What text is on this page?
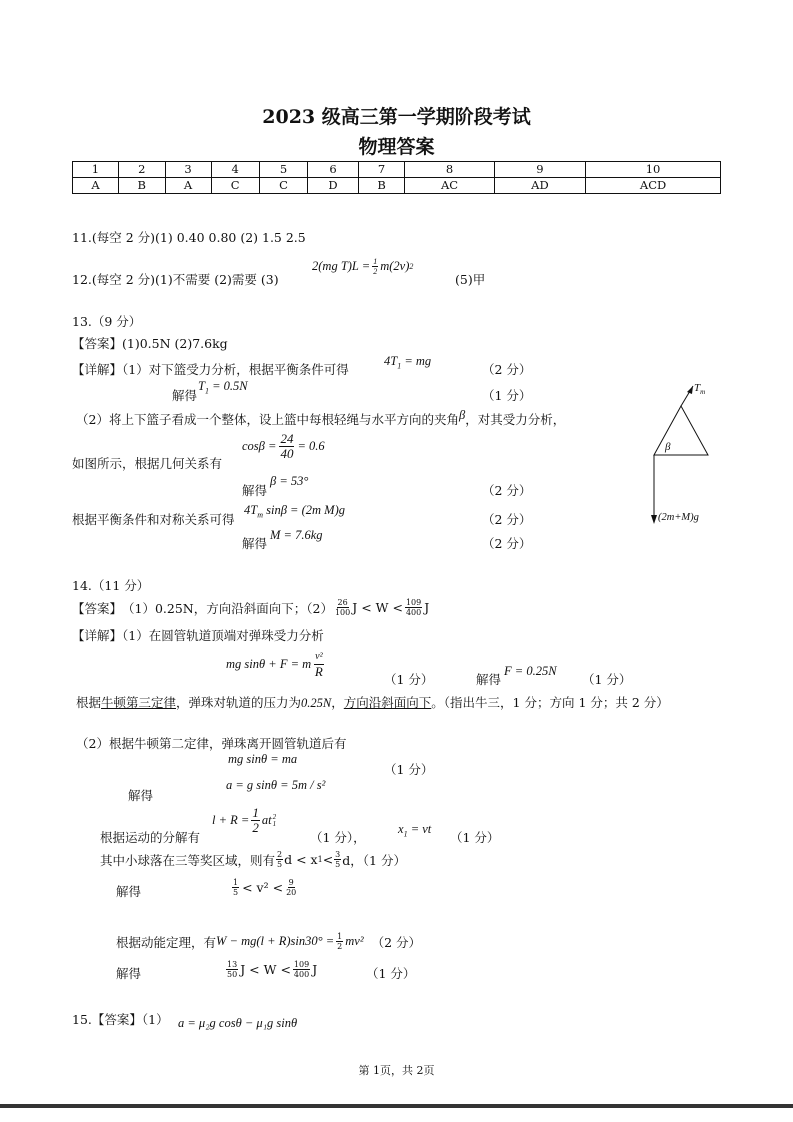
2023 级高三第一学期阶段考试
物理答案
1	2	3	4	5	6	7	8	9	10
A	B	A	C	C	D	B	AC	AD	ACD
11.(每空 2 分)(1) 0.40 0.80 (2) 1.5 2.5
12.(每空 2 分)(1)不需要 (2)需要 (3)
2(mg $T)L = \frac{1}{2} m(2v)$ 2
(5)甲
13.（9 分）
【答案】(1)0.5N (2)7.6kg
【详解】（1）对下篮受力分析，根据平衡条件可得
$4T_1$ = mg
（2 分）
解得
$T_1 = 0.5N$
（1 分）
（2）将上下篮子看成一个整体，设上篮中每根轻绳与水平方向的夹角β，对其受力分析，
$\cos\beta = \frac{24}{40} = 0.6$
如图所示，根据几何关系有
解得
β = 53°
（2 分）
根据平衡条件和对称关系可得
$4T_m$ sinβ = (2m M)g
（2 分）
解得
M = 7.6kg
（2 分）
$T_m$
β
(2m+M)g
14.（11 分）
【答案】 （1）0.25N，方向沿斜面向下；$(2) \frac{26}{100}$ $J < W < \frac{109}{400}$ J
【详解】（1）在圆管轨道顶端对弹珠受力分析
mg sinθ + F = m $\frac{\text{v²}}{R}$
（1 分）	解得
F = 0.25N
（1 分）
根据牛顿第三定律，弹珠对轨道的压力为0.25N，方向沿斜面向下。（指出牛三，1 分；方向 1 分；共 2 分）
（2）根据牛顿第二定律，弹珠离开圆管轨道后有
mg sinθ = ma
（1 分）
解得
a = g sinθ = 5m / s²
根据运动的分解有
$l + R = \frac{1}{2}$ at 2
1
（1 分），
$x_1$ = vt
（1 分）
其中小球落在三等奖区域，则有 $\frac{2}{5}$ d < x $1 < \frac{3}{5}$ d，（1 分）
解得	$\frac{1}{5} < v^2 < \frac{9}{20}$
根据动能定理，有 $W - mg(l + R)\sin 30^\circ = \frac{1}{2} mv^2$ （2 分）
解得	$\frac{13}{50}$ $J < W < \frac{109}{400}$ J	（1 分）
15.【答案】（1） a = μ₂g cosθ − μ₁g sinθ
第 1页，共 2页
